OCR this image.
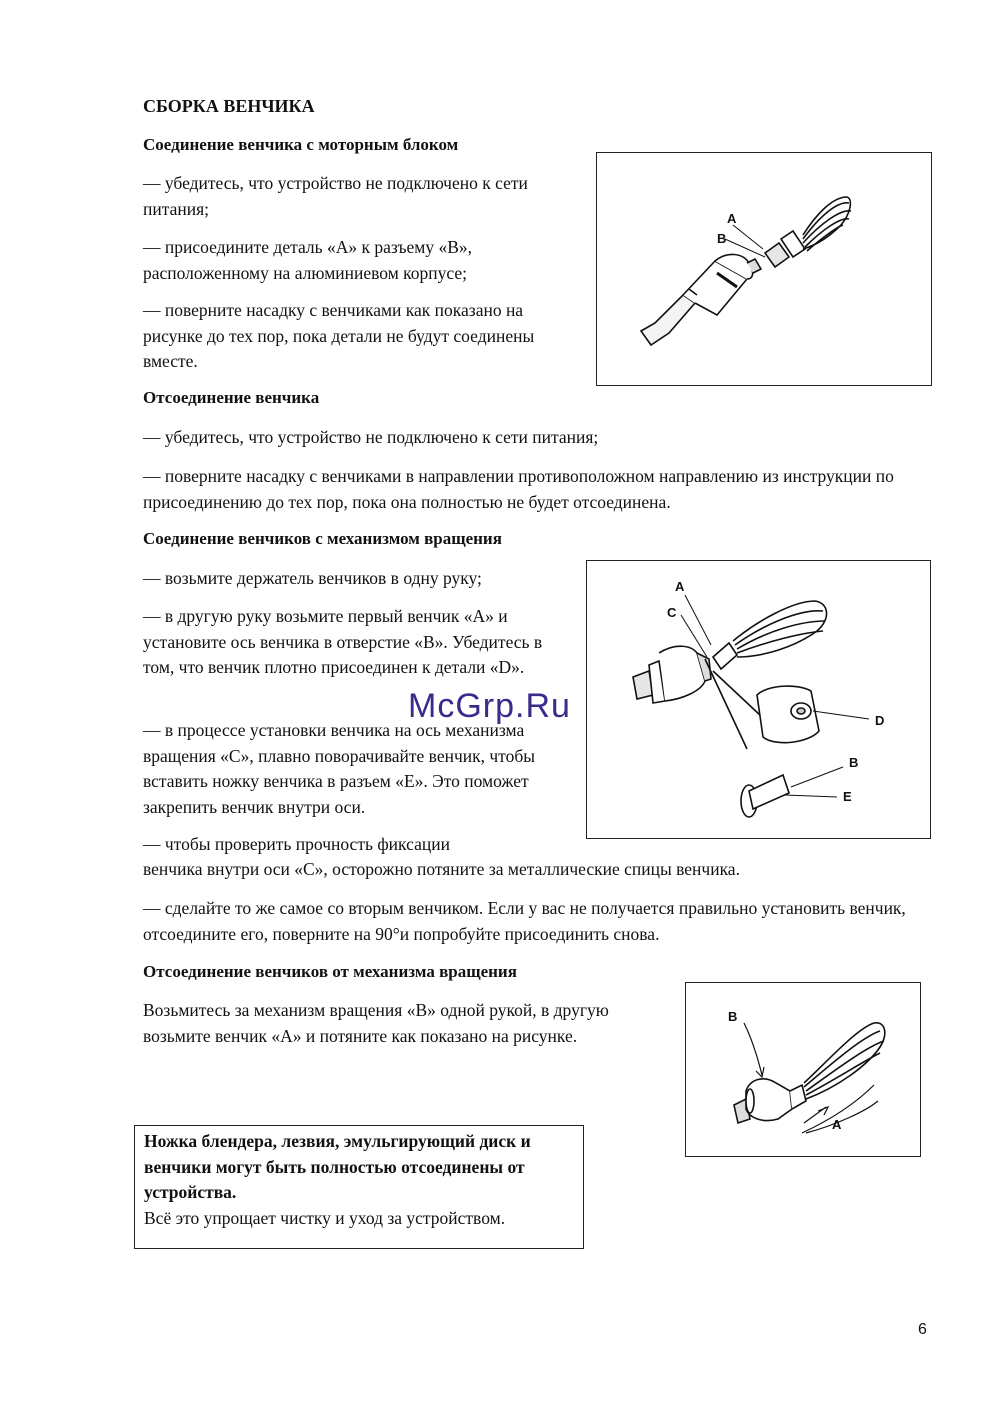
СБОРКА ВЕНЧИКА
Соединение венчика с моторным блоком

— убедитесь, что устройство не подключено к сети питания;

— присоедините деталь «А» к разъему «В», расположенному на алюминиевом корпусе;

— поверните насадку с венчиками как показано на рисунке до тех пор, пока детали не будут соединены вместе.

A
B
Отсоединение венчика

— убедитесь, что устройство не подключено к сети питания;

— поверните насадку с венчиками в направлении противоположном направлению из инструкции по присоединению до тех пор, пока она полностью не будет отсоединена.

Соединение венчиков с механизмом вращения

— возьмите держатель венчиков в одну руку;

— в другую руку возьмите первый венчик «А» и установите ось венчика в отверстие «В». Убедитесь в том, что венчик плотно присоединен к детали «D».

— в процессе установки венчика на ось механизма вращения «С», плавно поворачивайте венчик, чтобы вставить ножку венчика в разъем «Е». Это поможет закрепить венчик внутри оси.

— чтобы проверить прочность фиксации

венчика внутри оси «С», осторожно потяните за металлические спицы венчика.

— сделайте то же самое со вторым венчиком. Если у вас не получается правильно установить венчик, отсоедините его, поверните на 90°и попробуйте присоединить снова.

A
C
D
B
E
Отсоединение венчиков от механизма вращения

Возьмитесь за механизм вращения «В» одной рукой, в другую возьмите венчик «А» и потяните как показано на рисунке.

B
A

Ножка блендера, лезвия, эмульгирующий диск и венчики могут быть полностью отсоединены от устройства.

Всё это упрощает чистку и уход за устройством.

McGrp.Ru
6
